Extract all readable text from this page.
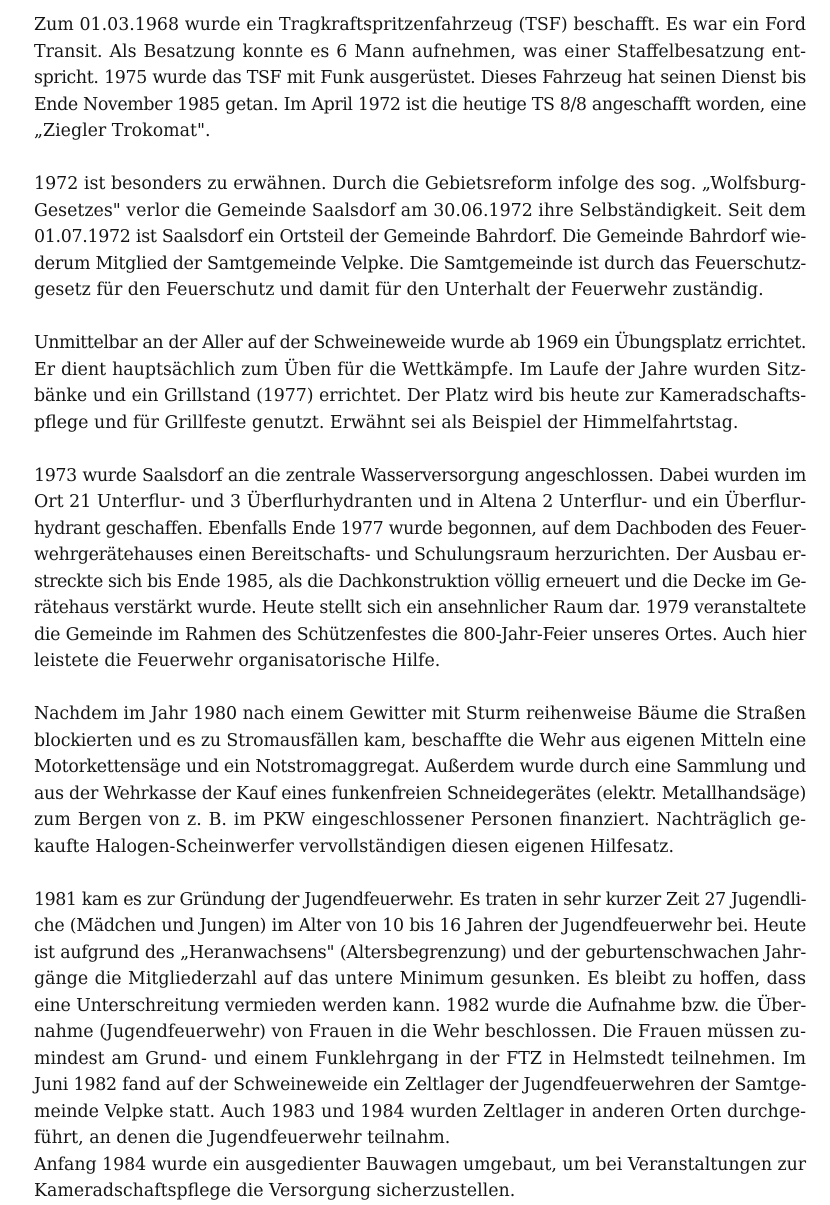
Zum 01.03.1968 wurde ein Tragkraftspritzenfahrzeug (TSF) beschafft. Es war ein Ford
Transit. Als Besatzung konnte es 6 Mann aufnehmen, was einer Staffelbesatzung ent-
spricht. 1975 wurde das TSF mit Funk ausgerüstet. Dieses Fahrzeug hat seinen Dienst bis
Ende November 1985 getan. Im April 1972 ist die heutige TS 8/8 angeschafft worden, eine
„Ziegler Trokomat".
1972 ist besonders zu erwähnen. Durch die Gebietsreform infolge des sog. „Wolfsburg-
Gesetzes" verlor die Gemeinde Saalsdorf am 30.06.1972 ihre Selbständigkeit. Seit dem
01.07.1972 ist Saalsdorf ein Ortsteil der Gemeinde Bahrdorf. Die Gemeinde Bahrdorf wie-
derum Mitglied der Samtgemeinde Velpke. Die Samtgemeinde ist durch das Feuerschutz-
gesetz für den Feuerschutz und damit für den Unterhalt der Feuerwehr zuständig.
Unmittelbar an der Aller auf der Schweineweide wurde ab 1969 ein Übungsplatz errichtet.
Er dient hauptsächlich zum Üben für die Wettkämpfe. Im Laufe der Jahre wurden Sitz-
bänke und ein Grillstand (1977) errichtet. Der Platz wird bis heute zur Kameradschafts-
pflege und für Grillfeste genutzt. Erwähnt sei als Beispiel der Himmelfahrtstag.
1973 wurde Saalsdorf an die zentrale Wasserversorgung angeschlossen. Dabei wurden im
Ort 21 Unterflur- und 3 Überflurhydranten und in Altena 2 Unterflur- und ein Überflur-
hydrant geschaffen. Ebenfalls Ende 1977 wurde begonnen, auf dem Dachboden des Feuer-
wehrgerätehauses einen Bereitschafts- und Schulungsraum herzurichten. Der Ausbau er-
streckte sich bis Ende 1985, als die Dachkonstruktion völlig erneuert und die Decke im Ge-
rätehaus verstärkt wurde. Heute stellt sich ein ansehnlicher Raum dar. 1979 veranstaltete
die Gemeinde im Rahmen des Schützenfestes die 800-Jahr-Feier unseres Ortes. Auch hier
leistete die Feuerwehr organisatorische Hilfe.
Nachdem im Jahr 1980 nach einem Gewitter mit Sturm reihenweise Bäume die Straßen
blockierten und es zu Stromausfällen kam, beschaffte die Wehr aus eigenen Mitteln eine
Motorkettensäge und ein Notstromaggregat. Außerdem wurde durch eine Sammlung und
aus der Wehrkasse der Kauf eines funkenfreien Schneidegerätes (elektr. Metallhandsäge)
zum Bergen von z. B. im PKW eingeschlossener Personen finanziert. Nachträglich ge-
kaufte Halogen-Scheinwerfer vervollständigen diesen eigenen Hilfesatz.
1981 kam es zur Gründung der Jugendfeuerwehr. Es traten in sehr kurzer Zeit 27 Jugendli-
che (Mädchen und Jungen) im Alter von 10 bis 16 Jahren der Jugendfeuerwehr bei. Heute
ist aufgrund des „Heranwachsens" (Altersbegrenzung) und der geburtenschwachen Jahr-
gänge die Mitgliederzahl auf das untere Minimum gesunken. Es bleibt zu hoffen, dass
eine Unterschreitung vermieden werden kann. 1982 wurde die Aufnahme bzw. die Über-
nahme (Jugendfeuerwehr) von Frauen in die Wehr beschlossen. Die Frauen müssen zu-
mindest am Grund- und einem Funklehrgang in der FTZ in Helmstedt teilnehmen. Im
Juni 1982 fand auf der Schweineweide ein Zeltlager der Jugendfeuerwehren der Samtge-
meinde Velpke statt. Auch 1983 und 1984 wurden Zeltlager in anderen Orten durchge-
führt, an denen die Jugendfeuerwehr teilnahm.
Anfang 1984 wurde ein ausgedienter Bauwagen umgebaut, um bei Veranstaltungen zur
Kameradschaftspflege die Versorgung sicherzustellen.
